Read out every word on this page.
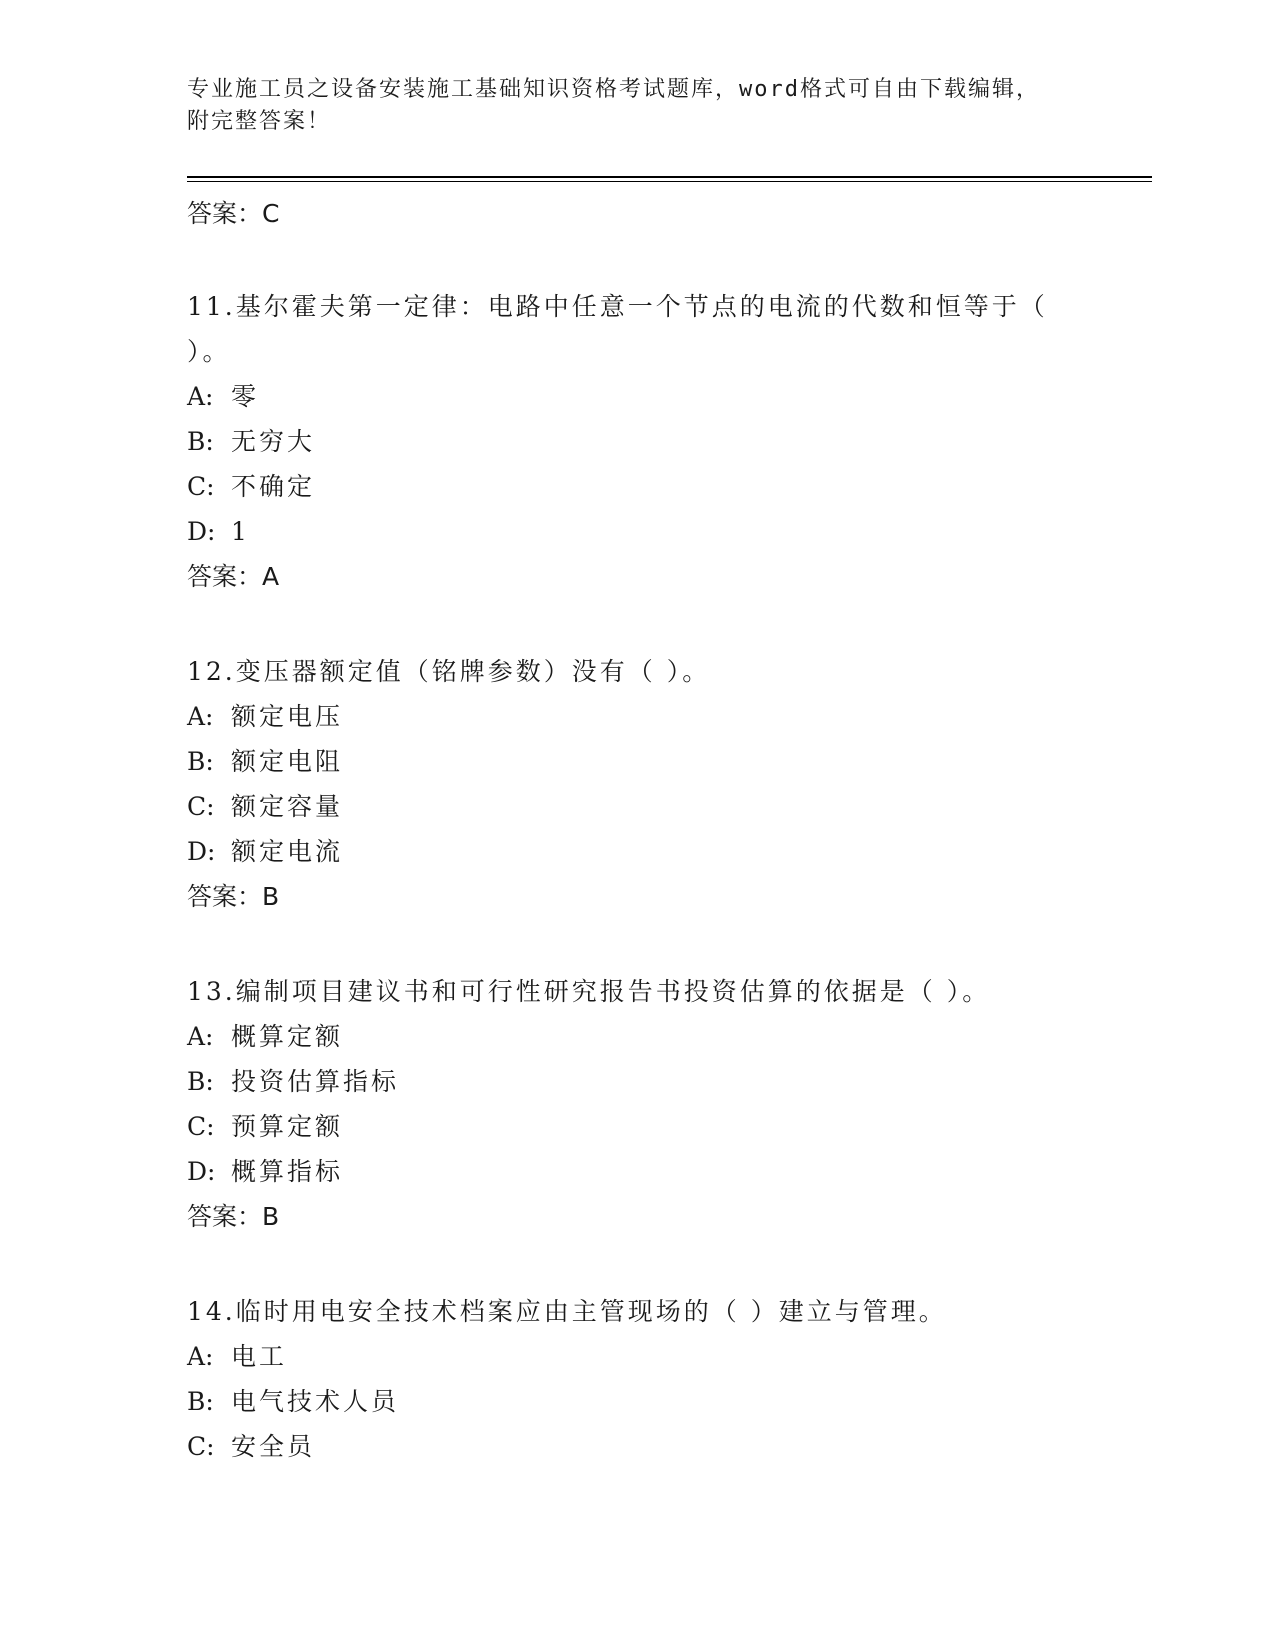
专业施工员之设备安装施工基础知识资格考试题库，word格式可自由下载编辑，
附完整答案！
答案：C
11.基尔霍夫第一定律：电路中任意一个节点的电流的代数和恒等于（
）。
A: 零
B: 无穷大
C: 不确定
D: 1
答案：A
12.变压器额定值（铭牌参数）没有（ ）。
A: 额定电压
B: 额定电阻
C: 额定容量
D: 额定电流
答案：B
13.编制项目建议书和可行性研究报告书投资估算的依据是（ ）。
A: 概算定额
B: 投资估算指标
C: 预算定额
D: 概算指标
答案：B
14.临时用电安全技术档案应由主管现场的（ ）建立与管理。
A: 电工
B: 电气技术人员
C: 安全员
